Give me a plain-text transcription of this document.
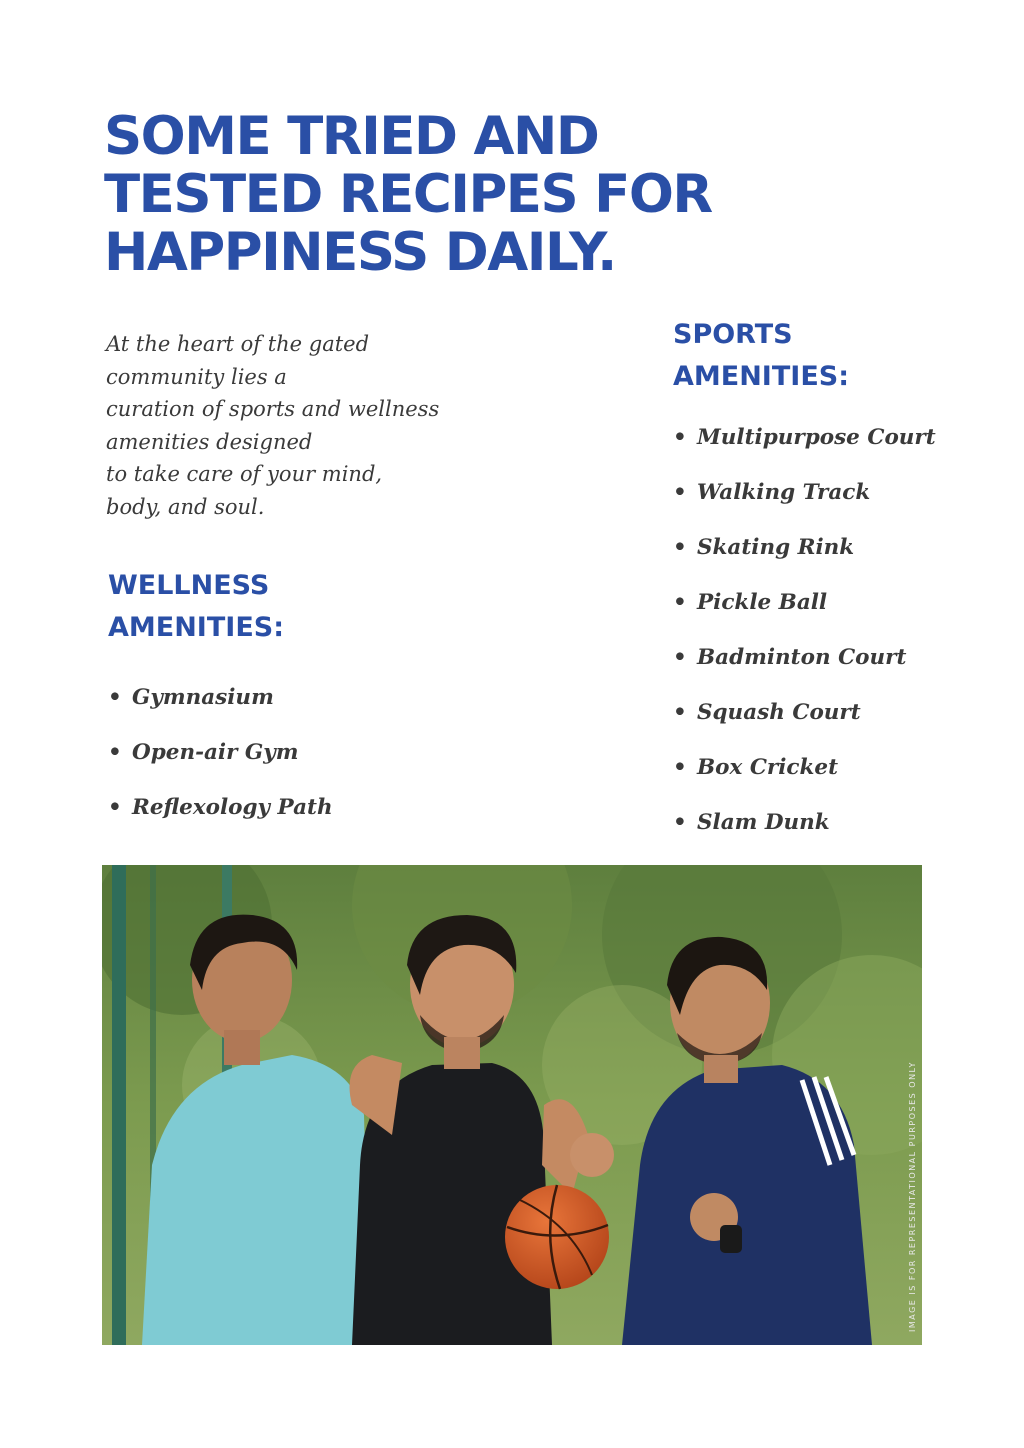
SOME TRIED AND
TESTED RECIPES FOR
HAPPINESS DAILY.

At the heart of the gated
community lies a
curation of sports and wellness
amenities designed
to take care of your mind,
body, and soul.

WELLNESS
AMENITIES:
• Gymnasium
• Open-air Gym
• Reflexology Path
SPORTS
AMENITIES:
• Multipurpose Court
• Walking Track
• Skating Rink
• Pickle Ball
• Badminton Court
• Squash Court
• Box Cricket
• Slam Dunk
IMAGE IS FOR REPRESENTATIONAL PURPOSES ONLY
